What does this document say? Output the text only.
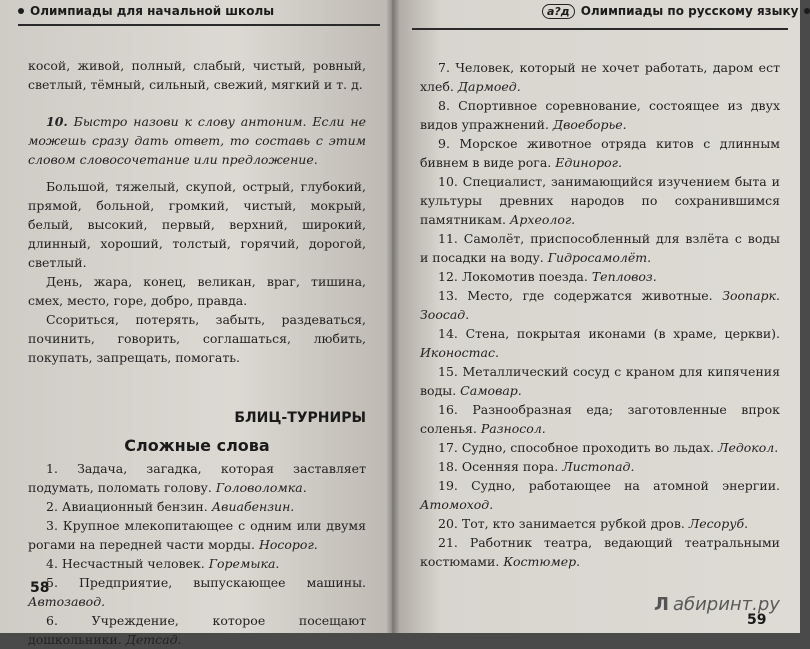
Олимпиады для начальной школы

косой, живой, полный, слабый, чистый, ровный, светлый, тёмный, сильный, свежий, мягкий и т. д.

10. Быстро назови к слову антоним. Если не можешь сразу дать ответ, то составь с этим словом словосочетание или предложение.

Большой, тяжелый, скупой, острый, глубокий, прямой, больной, громкий, чистый, мокрый, белый, высокий, первый, верхний, широкий, длинный, хороший, толстый, горячий, дорогой, светлый.

День, жара, конец, великан, враг, тишина, смех, место, горе, добро, правда.

Ссориться, потерять, забыть, раздеваться, починить, говорить, соглашаться, любить, покупать, запрещать, помогать.

БЛИЦ-ТУРНИРЫ

Сложные слова

1. Задача, загадка, которая заставляет подумать, поломать голову. Головоломка.

2. Авиационный бензин. Авиабензин.

3. Крупное млекопитающее с одним или двумя рогами на передней части морды. Носорог.

4. Несчастный человек. Горемыка.

5. Предприятие, выпускающее машины. Автозавод.

6. Учреждение, которое посещают дошкольники. Детсад.

58
а?д Олимпиады по русскому языку

7. Человек, который не хочет работать, даром ест хлеб. Дармоед.

8. Спортивное соревнование, состоящее из двух видов упражнений. Двоеборье.

9. Морское животное отряда китов с длинным бивнем в виде рога. Единорог.

10. Специалист, занимающийся изучением быта и культуры древних народов по сохранившимся памятникам. Археолог.

11. Самолёт, приспособленный для взлёта с воды и посадки на воду. Гидросамолёт.

12. Локомотив поезда. Тепловоз.

13. Место, где содержатся животные. Зоопарк. Зоосад.

14. Стена, покрытая иконами (в храме, церкви). Иконостас.

15. Металлический сосуд с краном для кипячения воды. Самовар.

16. Разнообразная еда; заготовленные впрок соленья. Разносол.

17. Судно, способное проходить во льдах. Ледокол.

18. Осенняя пора. Листопад.

19. Судно, работающее на атомной энергии. Атомоход.

20. Тот, кто занимается рубкой дров. Лесоруб.

21. Работник театра, ведающий театральными костюмами. Костюмер.

Л абиринт.ру
59
